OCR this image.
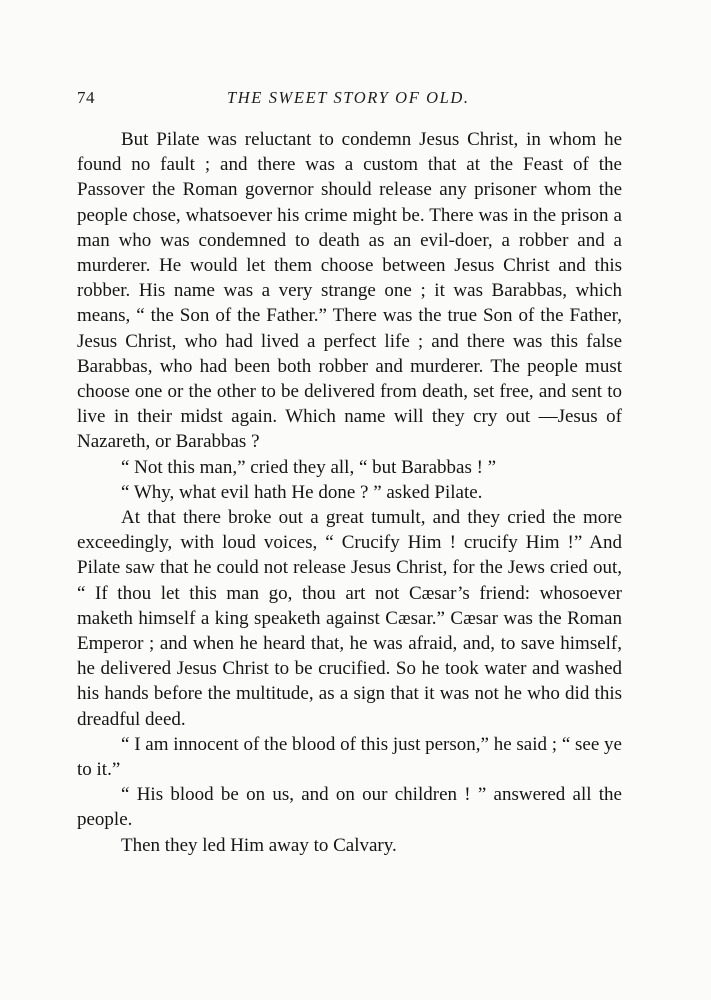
74	THE SWEET STORY OF OLD.

But Pilate was reluctant to condemn Jesus Christ, in whom he found no fault ; and there was a custom that at the Feast of the Passover the Roman governor should release any prisoner whom the people chose, whatsoever his crime might be. There was in the prison a man who was condemned to death as an evil-doer, a robber and a murderer. He would let them choose between Jesus Christ and this robber. His name was a very strange one ; it was Barabbas, which means, “ the Son of the Father.” There was the true Son of the Father, Jesus Christ, who had lived a perfect life ; and there was this false Barabbas, who had been both robber and murderer. The people must choose one or the other to be delivered from death, set free, and sent to live in their midst again. Which name will they cry out —Jesus of Nazareth, or Barabbas ?

“ Not this man,” cried they all, “ but Barabbas ! ”

“ Why, what evil hath He done ? ” asked Pilate.

At that there broke out a great tumult, and they cried the more exceedingly, with loud voices, “ Crucify Him ! crucify Him !” And Pilate saw that he could not release Jesus Christ, for the Jews cried out, “ If thou let this man go, thou art not Cæsar’s friend: whosoever maketh himself a king speaketh against Cæsar.” Cæsar was the Roman Emperor ; and when he heard that, he was afraid, and, to save himself, he delivered Jesus Christ to be crucified. So he took water and washed his hands before the multitude, as a sign that it was not he who did this dreadful deed.

“ I am innocent of the blood of this just person,” he said ; “ see ye to it.”

“ His blood be on us, and on our children ! ” answered all the people.

Then they led Him away to Calvary.
